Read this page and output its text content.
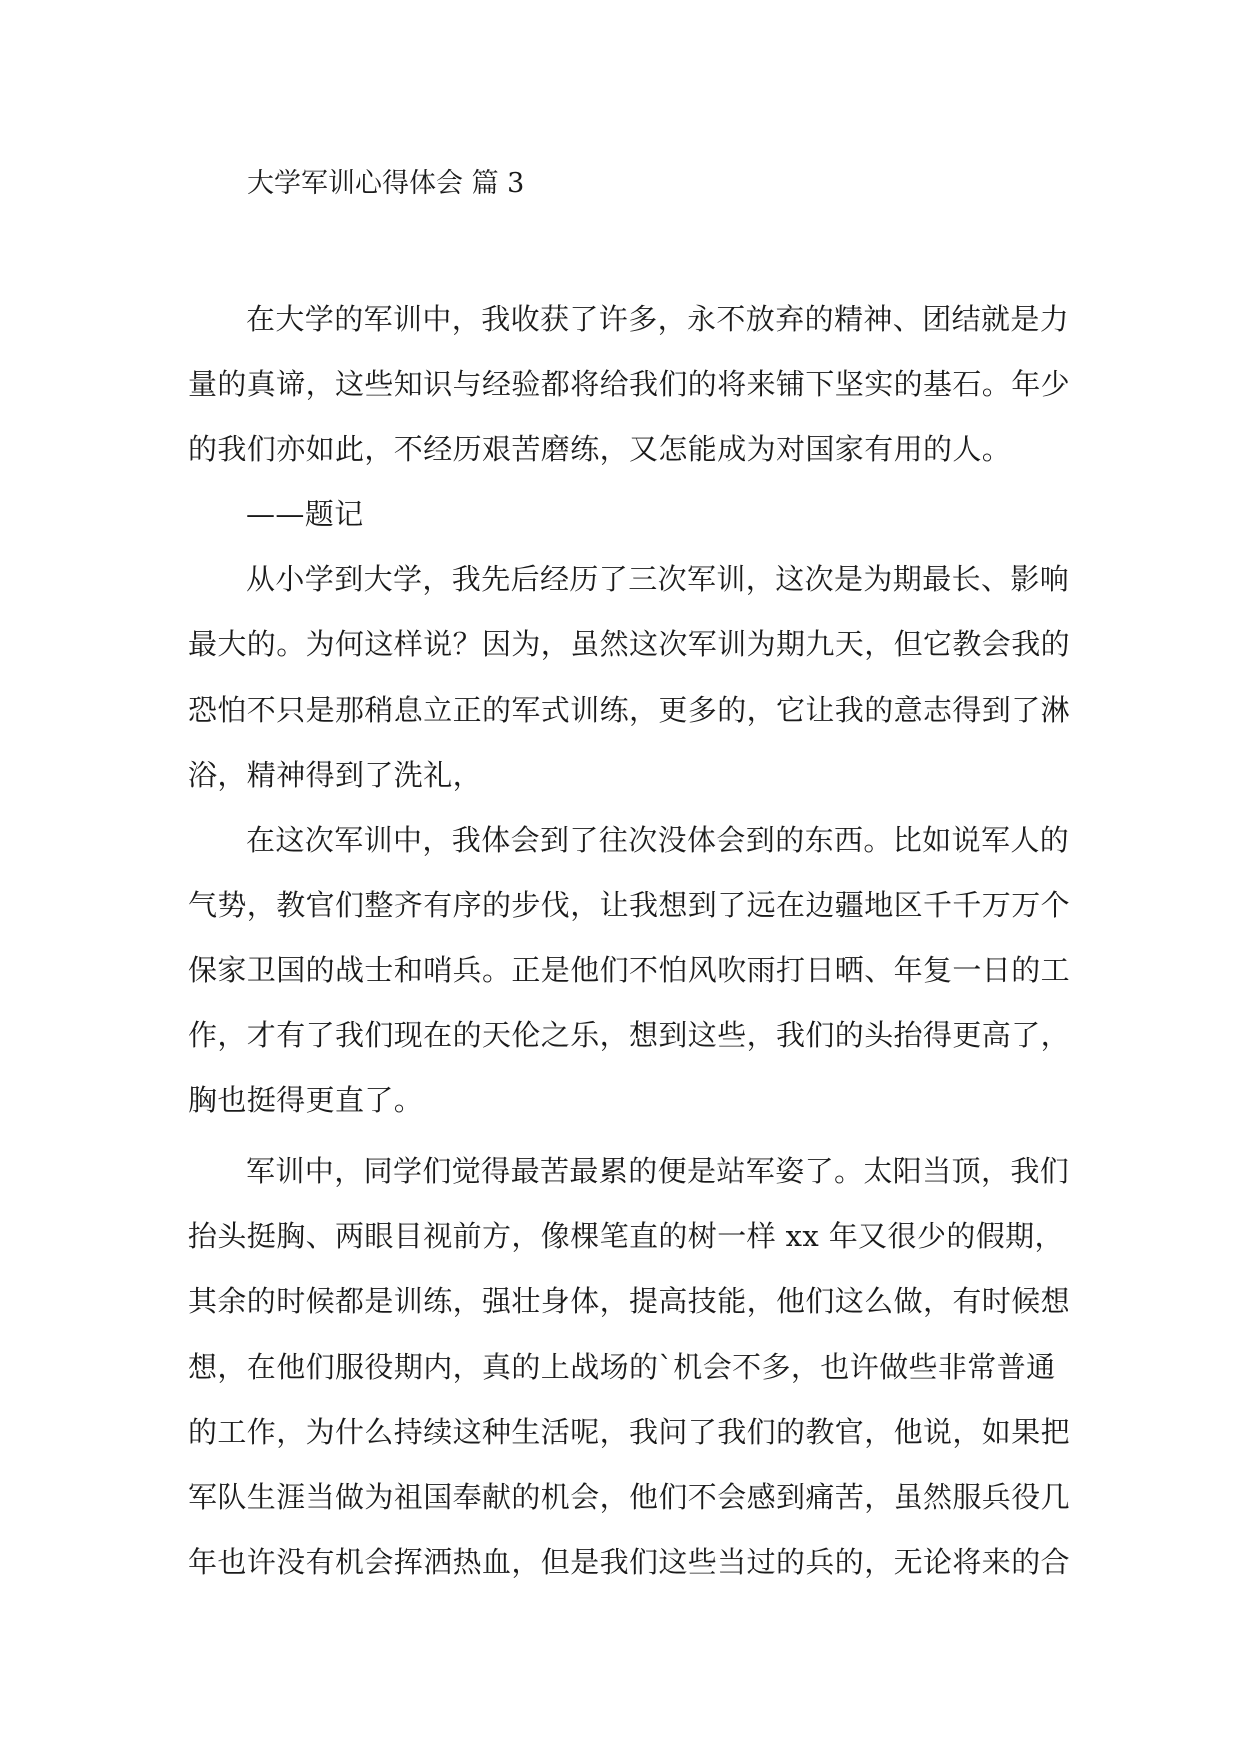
大学军训心得体会 篇 3
在大学的军训中，我收获了许多，永不放弃的精神、团结就是力
量的真谛，这些知识与经验都将给我们的将来铺下坚实的基石。年少
的我们亦如此，不经历艰苦磨练，又怎能成为对国家有用的人。
——题记
从小学到大学，我先后经历了三次军训，这次是为期最长、影响
最大的。为何这样说？因为，虽然这次军训为期九天，但它教会我的
恐怕不只是那稍息立正的军式训练，更多的，它让我的意志得到了淋
浴，精神得到了洗礼，
在这次军训中，我体会到了往次没体会到的东西。比如说军人的
气势，教官们整齐有序的步伐，让我想到了远在边疆地区千千万万个
保家卫国的战士和哨兵。正是他们不怕风吹雨打日晒、年复一日的工
作，才有了我们现在的天伦之乐，想到这些，我们的头抬得更高了，
胸也挺得更直了。
军训中，同学们觉得最苦最累的便是站军姿了。太阳当顶，我们
抬头挺胸、两眼目视前方，像棵笔直的树一样 xx 年又很少的假期，
其余的时候都是训练，强壮身体，提高技能，他们这么做，有时候想
想，在他们服役期内，真的上战场的`机会不多，也许做些非常普通
的工作，为什么持续这种生活呢，我问了我们的教官，他说，如果把
军队生涯当做为祖国奉献的机会，他们不会感到痛苦，虽然服兵役几
年也许没有机会挥洒热血，但是我们这些当过的兵的，无论将来的合
